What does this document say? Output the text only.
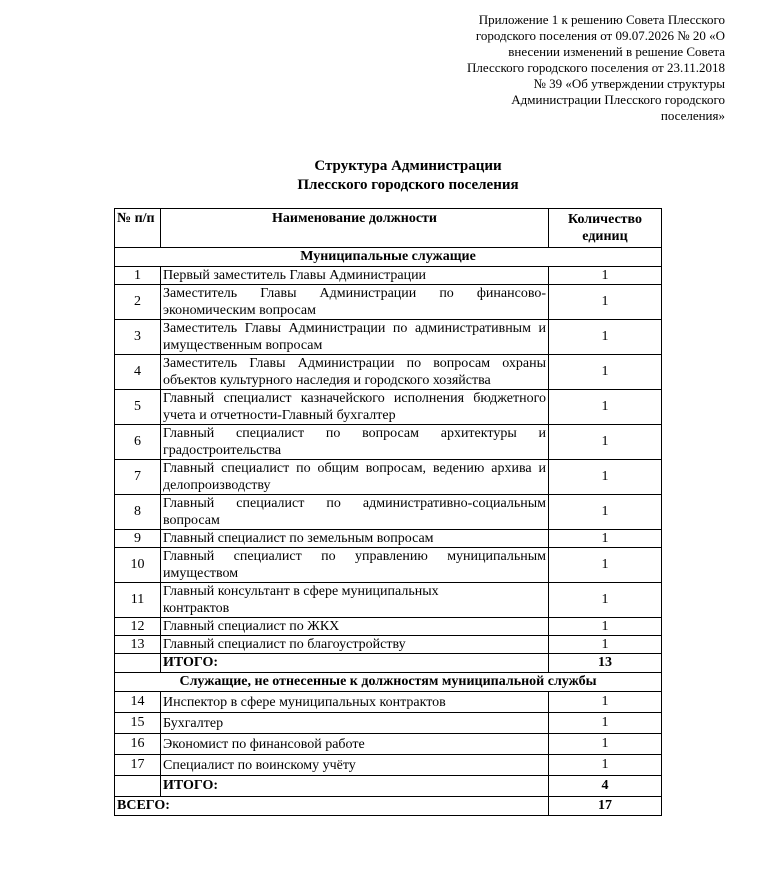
Приложение 1 к решению Совета Плесского
городского поселения от 09.07.2026 № 20 «О
внесении изменений в решение Совета
Плесского городского поселения от 23.11.2018
№ 39 «Об утверждении структуры
Администрации Плесского городского
поселения»
Структура Администрации
Плесского городского поселения
№ п/п	Наименование должности	Количество единиц
Муниципальные служащие		
1	Первый заместитель Главы Администрации	1
2	Заместитель Главы Администрации по финансово-экономическим вопросам	1
3	Заместитель Главы Администрации по административным и имущественным вопросам	1
4	Заместитель Главы Администрации по вопросам охраны объектов культурного наследия и городского хозяйства	1
5	Главный специалист казначейского исполнения бюджетного учета и отчетности-Главный бухгалтер	1
6	Главный специалист по вопросам архитектуры и градостроительства	1
7	Главный специалист по общим вопросам, ведению архива и делопроизводству	1
8	Главный специалист по административно-социальным вопросам	1
9	Главный специалист по земельным вопросам	1
10	Главный специалист по управлению муниципальным имуществом	1
11	Главный консультант в сфере муниципальных контрактов	1
12	Главный специалист по ЖКХ	1
13	Главный специалист по благоустройству	1
	ИТОГО:	13
Служащие, не отнесенные к должностям муниципальной службы		
14	Инспектор в сфере муниципальных контрактов	1
15	Бухгалтер	1
16	Экономист по финансовой работе	1
17	Специалист по воинскому учёту	1
	ИТОГО:	4
ВСЕГО:		17
